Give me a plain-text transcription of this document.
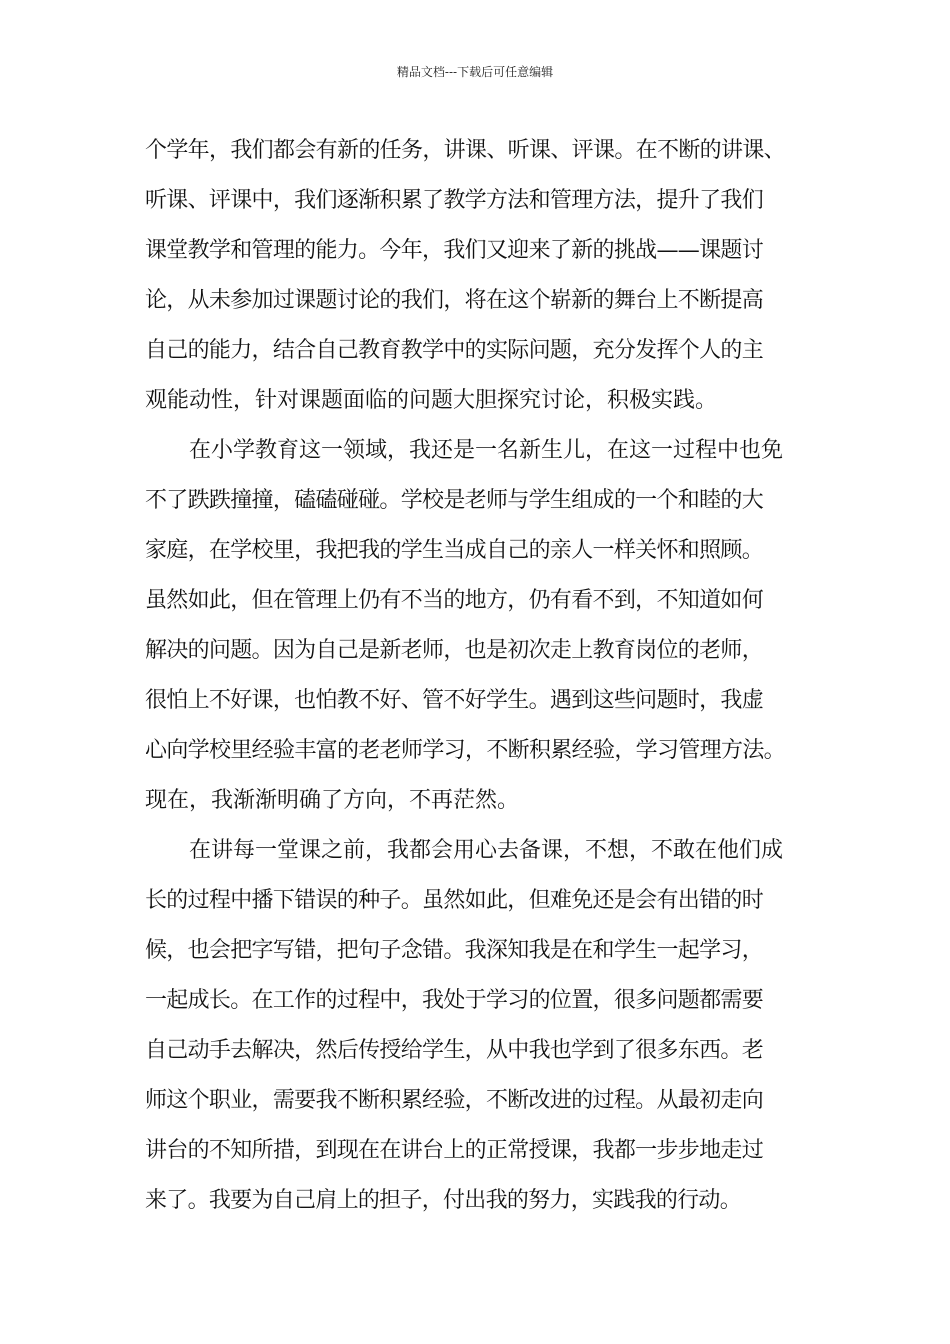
精品文档---下载后可任意编辑
个学年，我们都会有新的任务，讲课、听课、评课。在不断的讲课、
听课、评课中，我们逐渐积累了教学方法和管理方法，提升了我们
课堂教学和管理的能力。今年，我们又迎来了新的挑战——课题讨
论，从未参加过课题讨论的我们，将在这个崭新的舞台上不断提高
自己的能力，结合自己教育教学中的实际问题，充分发挥个人的主
观能动性，针对课题面临的问题大胆探究讨论，积极实践。
在小学教育这一领域，我还是一名新生儿，在这一过程中也免
不了跌跌撞撞，磕磕碰碰。学校是老师与学生组成的一个和睦的大
家庭，在学校里，我把我的学生当成自己的亲人一样关怀和照顾。
虽然如此，但在管理上仍有不当的地方，仍有看不到，不知道如何
解决的问题。因为自己是新老师，也是初次走上教育岗位的老师，
很怕上不好课，也怕教不好、管不好学生。遇到这些问题时，我虚
心向学校里经验丰富的老老师学习，不断积累经验，学习管理方法。
现在，我渐渐明确了方向，不再茫然。
在讲每一堂课之前，我都会用心去备课，不想，不敢在他们成
长的过程中播下错误的种子。虽然如此，但难免还是会有出错的时
候，也会把字写错，把句子念错。我深知我是在和学生一起学习，
一起成长。在工作的过程中，我处于学习的位置，很多问题都需要
自己动手去解决，然后传授给学生，从中我也学到了很多东西。老
师这个职业，需要我不断积累经验，不断改进的过程。从最初走向
讲台的不知所措，到现在在讲台上的正常授课，我都一步步地走过
来了。我要为自己肩上的担子，付出我的努力，实践我的行动。
